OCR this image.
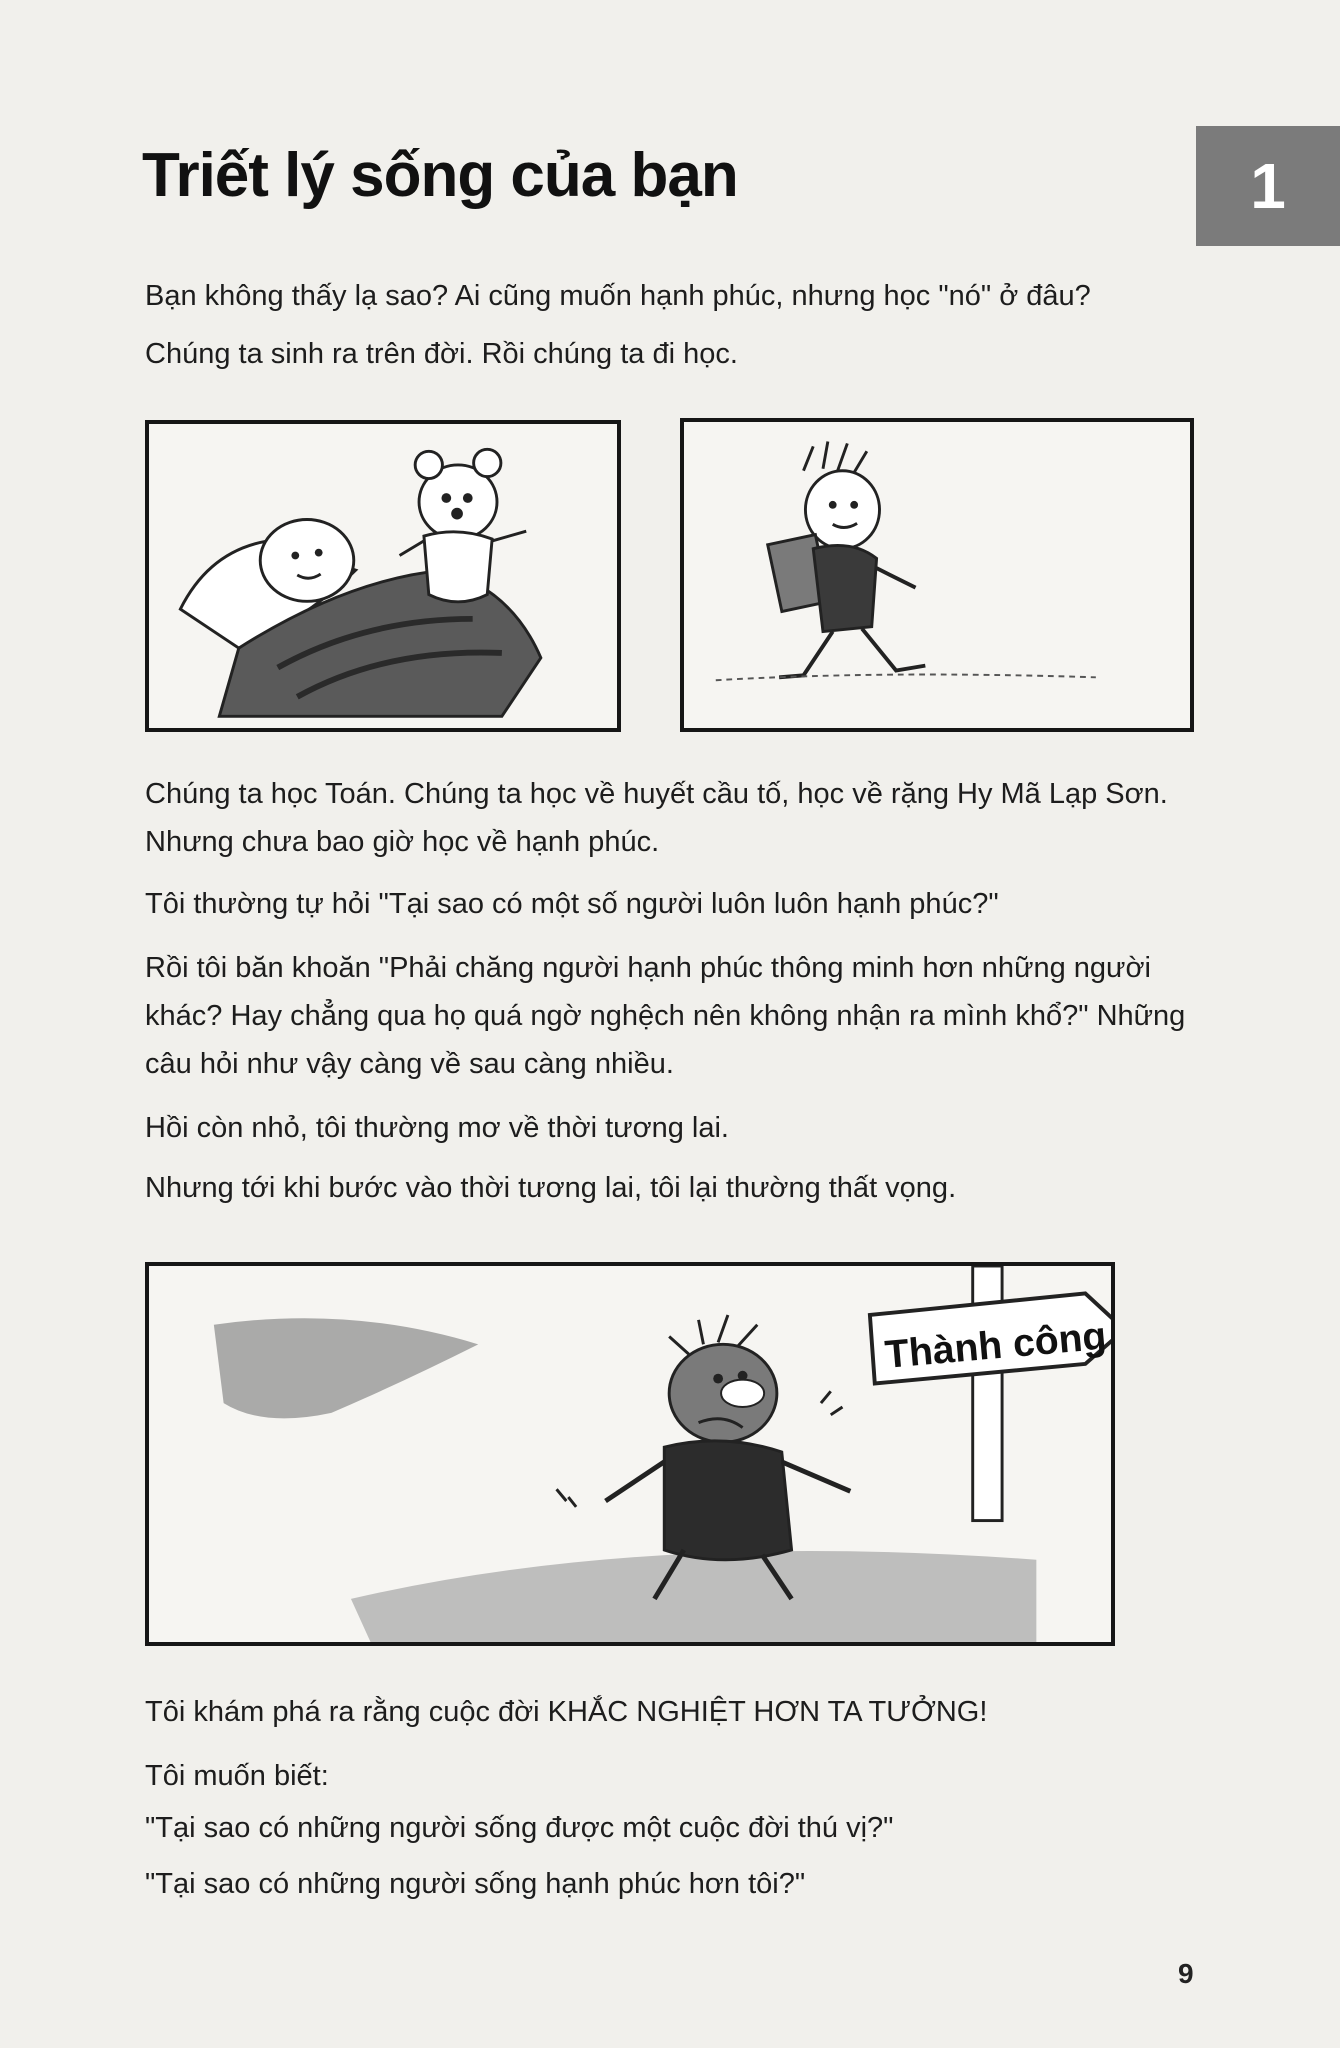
Triết lý sống của bạn	1

Bạn không thấy lạ sao? Ai cũng muốn hạnh phúc, nhưng học "nó" ở đâu?

Chúng ta sinh ra trên đời. Rồi chúng ta đi học.

Chúng ta học Toán. Chúng ta học về huyết cầu tố, học về rặng Hy Mã Lạp Sơn. Nhưng chưa bao giờ học về hạnh phúc.

Tôi thường tự hỏi "Tại sao có một số người luôn luôn hạnh phúc?"

Rồi tôi băn khoăn "Phải chăng người hạnh phúc thông minh hơn những người khác? Hay chẳng qua họ quá ngờ nghệch nên không nhận ra mình khổ?" Những câu hỏi như vậy càng về sau càng nhiều.

Hồi còn nhỏ, tôi thường mơ về thời tương lai.

Nhưng tới khi bước vào thời tương lai, tôi lại thường thất vọng.

Thành công

Tôi khám phá ra rằng cuộc đời KHẮC NGHIỆT HƠN TA TƯỞNG!

Tôi muốn biết:

"Tại sao có những người sống được một cuộc đời thú vị?"

"Tại sao có những người sống hạnh phúc hơn tôi?"

9
